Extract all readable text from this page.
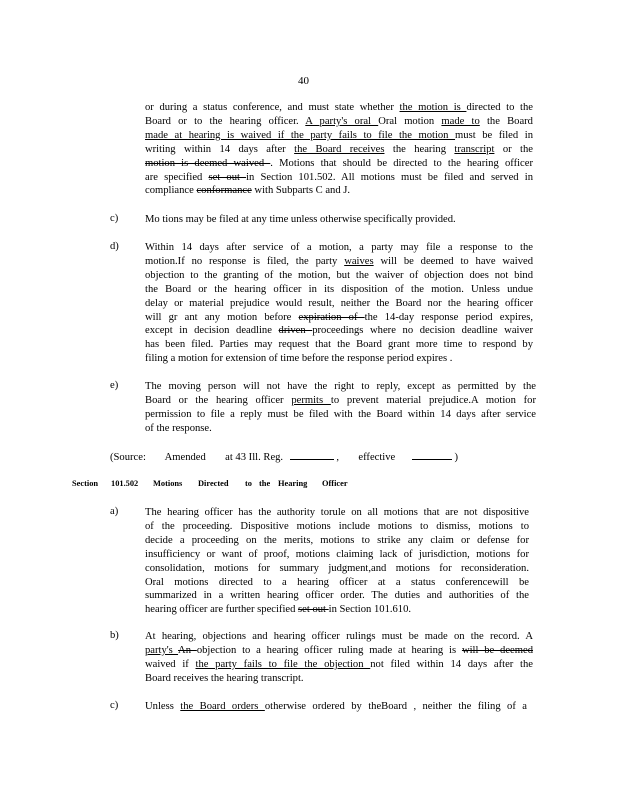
40
or during a status conference, and must state whether the motion is directed to the
Board or to the hearing officer. A party's oral Oral motion made to the Board
made at hearing is waived if the party fails to file the motion must be filed in
writing within 14 days after the Board receives the hearing transcript or the
motion is deemed waived . Motions that should be directed to the hearing officer
are specified set out in Section 101.502. All motions must be filed and served in
compliance conformance with Subparts C and J.
c)	Mo tions may be filed at any time unless otherwise specifically provided.
d) Within 14 days after service of a motion, a party may file a response to the
motion.If no response is filed, the party waives will be deemed to have waived
objection to the granting of the motion, but the waiver of objection does not bind
the Board or the hearing officer in its disposition of the motion. Unless undue
delay or material prejudice would result, neither the Board nor the hearing officer
will gr ant any motion before expiration of the 14-day response period expires,
except in decision deadline driven proceedings where no decision deadline waiver
has been filed. Parties may request that the Board grant more time to respond by
filing a motion for extension of time before the response period expires .
e)	The moving person will not have the right to reply, except as permitted by the
Board or the hearing officer permits to prevent material prejudice.A motion for
permission to file a reply must be filed with the Board within 14 days after service
of the response.
(Source: Amended at 43 Ill. Reg.	, effective	)
Section 101.502 Motions Directed to the Hearing Officer
a)	The hearing officer has the authority torule on all motions that are not dispositive
of the proceeding. Dispositive motions include motions to dismiss, motions to
decide a proceeding on the merits, motions to strike any claim or defense for
insufficiency or want of proof, motions claiming lack of jurisdiction, motions for
consolidation, motions for summary judgment,and motions for reconsideration.
Oral motions directed to a hearing officer at a status conferencewill be
summarized in a written hearing officer order. The duties and authorities of the
hearing officer are further specified set out in Section 101.610.
b) At hearing, objections and hearing officer rulings must be made on the record. A
party's An objection to a hearing officer ruling made at hearing is will be deemed
waived if the party fails to file the objection not filed within 14 days after the
Board receives the hearing transcript.
c)	Unless the Board orders otherwise ordered by theBoard , neither the filing of a
